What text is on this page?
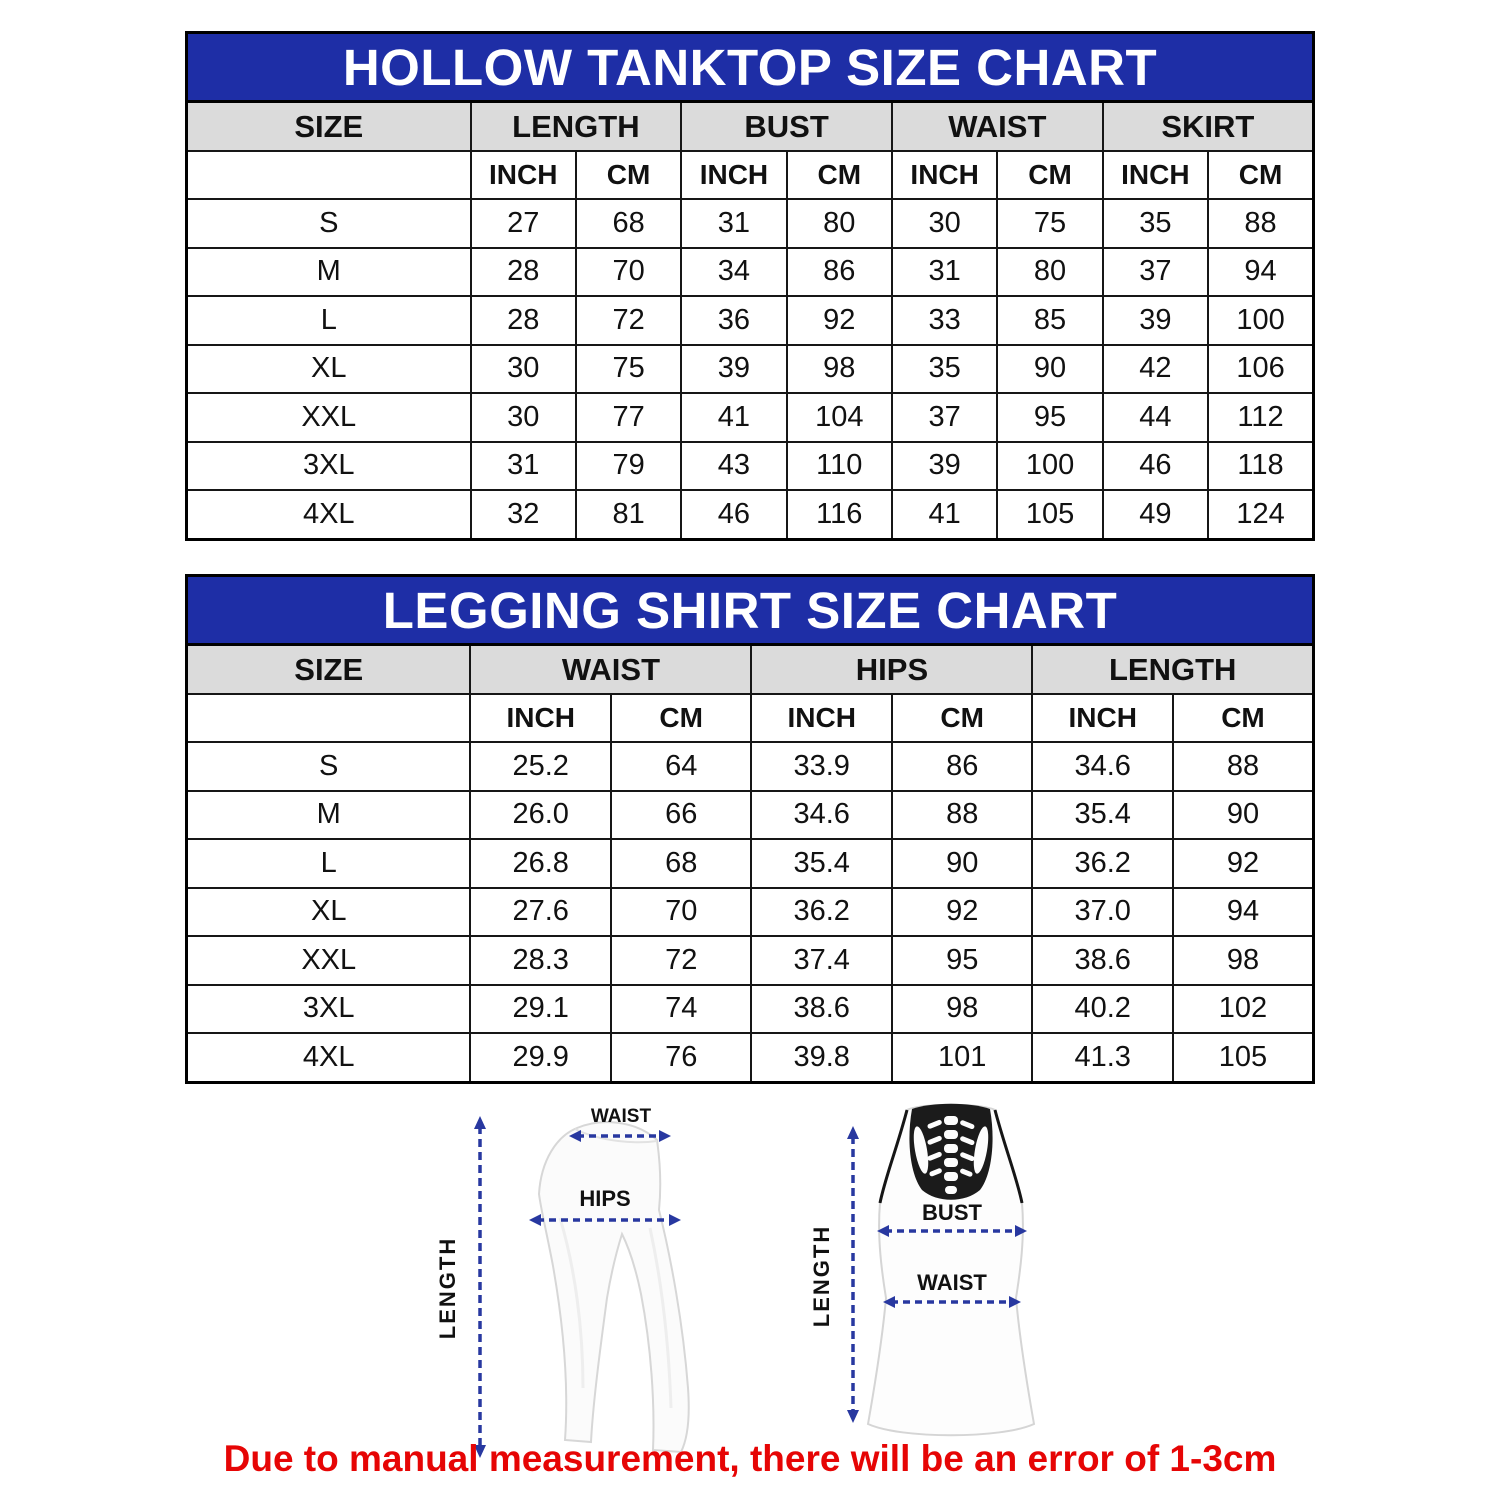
HOLLOW TANKTOP SIZE CHART
SIZE	LENGTH		BUST		WAIST		SKIRT	
	INCH	CM	INCH	CM	INCH	CM	INCH	CM
S	27	68	31	80	30	75	35	88
M	28	70	34	86	31	80	37	94
L	28	72	36	92	33	85	39	100
XL	30	75	39	98	35	90	42	106
XXL	30	77	41	104	37	95	44	112
3XL	31	79	43	110	39	100	46	118
4XL	32	81	46	116	41	105	49	124
LEGGING SHIRT SIZE CHART
SIZE	WAIST		HIPS		LENGTH	
	INCH	CM	INCH	CM	INCH	CM
S	25.2	64	33.9	86	34.6	88
M	26.0	66	34.6	88	35.4	90
L	26.8	68	35.4	90	36.2	92
XL	27.6	70	36.2	92	37.0	94
XXL	28.3	72	37.4	95	38.6	98
3XL	29.1	74	38.6	98	40.2	102
4XL	29.9	76	39.8	101	41.3	105
LENGTH
WAIST
HIPS
LENGTH
BUST
WAIST
Due to manual measurement, there will be an error of 1-3cm
